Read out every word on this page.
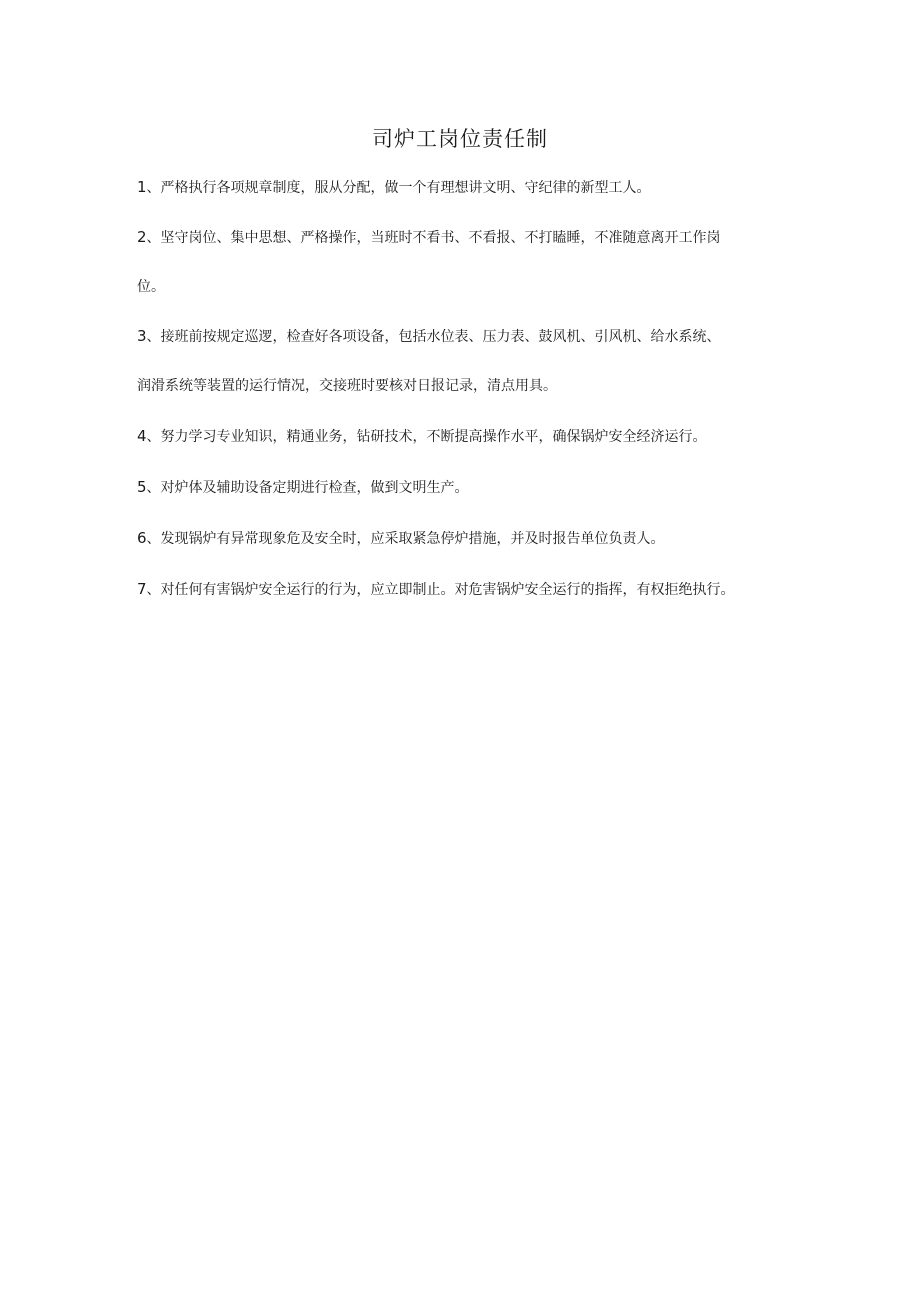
司炉工岗位责任制
1、严格执行各项规章制度，服从分配，做一个有理想讲文明、守纪律的新型工人。
2、坚守岗位、集中思想、严格操作，当班时不看书、不看报、不打瞌睡，不准随意离开工作岗
位。
3、接班前按规定巡逻，检查好各项设备，包括水位表、压力表、鼓风机、引风机、给水系统、
润滑系统等装置的运行情况，交接班时要核对日报记录，清点用具。
4、努力学习专业知识，精通业务，钻研技术，不断提高操作水平，确保锅炉安全经济运行。
5、对炉体及辅助设备定期进行检查，做到文明生产。
6、发现锅炉有异常现象危及安全时，应采取紧急停炉措施，并及时报告单位负责人。
7、对任何有害锅炉安全运行的行为，应立即制止。对危害锅炉安全运行的指挥，有权拒绝执行。
